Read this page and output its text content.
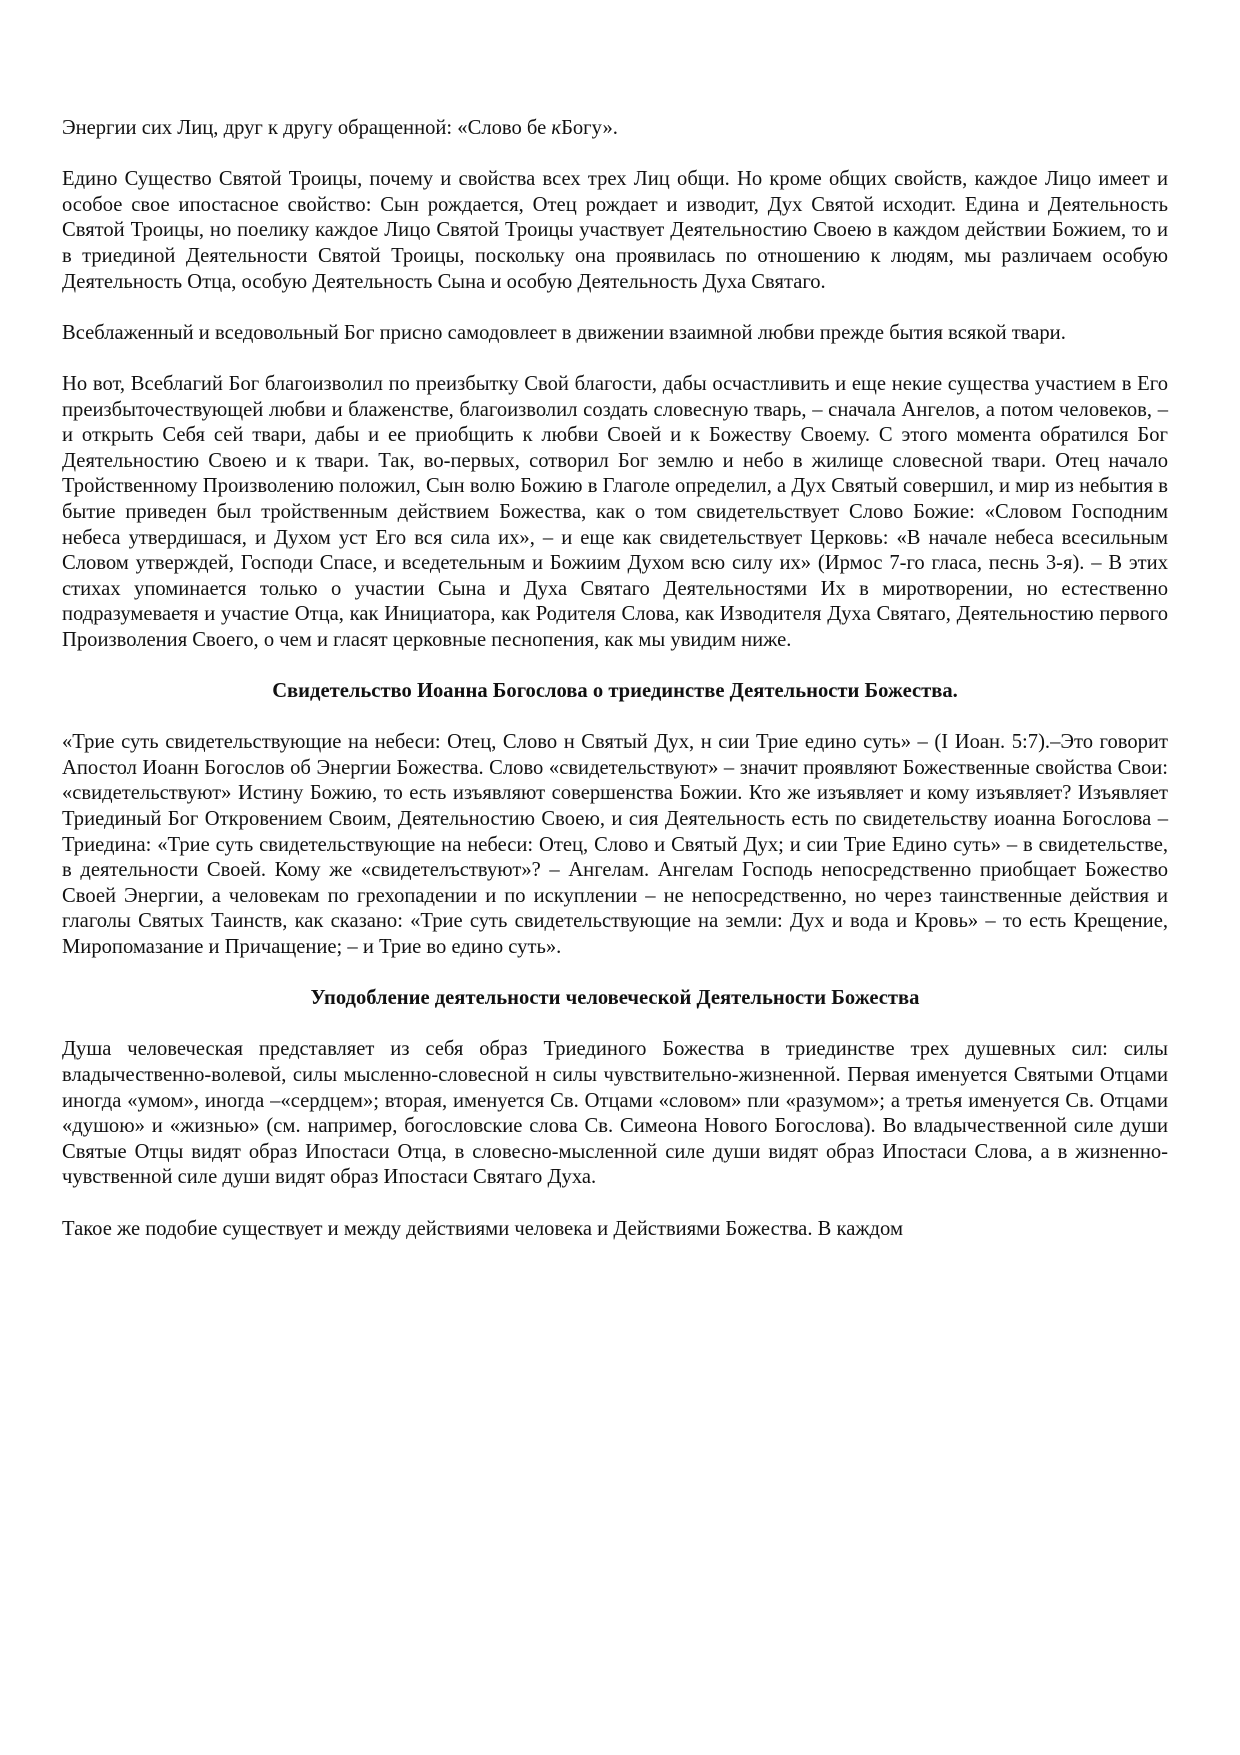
Энергии сих Лиц, друг к другу обращенной: «Слово бе кБогу».

Едино Существо Святой Троицы, почему и свойства всех трех Лиц общи. Но кроме общих свойств, каждое Лицо имеет и особое свое ипостасное свойство: Сын рождается, Отец рождает и изводит, Дух Святой исходит. Едина и Деятельность Святой Троицы, но поелику каждое Лицо Святой Троицы участвует Деятельностию Своею в каждом действии Божием, то и в триединой Деятельности Святой Троицы, поскольку она проявилась по отношению к людям, мы различаем особую Деятельность Отца, особую Деятельность Сына и особую Деятельность Духа Святаго.

Всеблаженный и вседовольный Бог присно самодовлеет в движении взаимной любви прежде бытия всякой твари.

Но вот, Всеблагий Бог благоизволил по преизбытку Свой благости, дабы осчастливить и еще некие существа участием в Его преизбыточествующей любви и блаженстве, благоизволил создать словесную тварь, – сначала Ангелов, а потом человеков, – и открыть Себя сей твари, дабы и ее приобщить к любви Своей и к Божеству Своему. С этого момента обратился Бог Деятельностию Своею и к твари. Так, во-первых, сотворил Бог землю и небо в жилище словесной твари. Отец начало Тройственному Произволению положил, Сын волю Божию в Глаголе определил, а Дух Святый совершил, и мир из небытия в бытие приведен был тройственным действием Божества, как о том свидетельствует Слово Божие: «Словом Господним небеса утвердишася, и Духом уст Его вся сила их», – и еще как свидетельствует Церковь: «В начале небеса всесильным Словом утверждей, Господи Спасе, и вседетельным и Божиим Духом всю силу их» (Ирмос 7-го гласа, песнь 3-я). – В этих стихах упоминается только о участии Сына и Духа Святаго Деятельностями Их в миротворении, но естественно подразумеваетя и участие Отца, как Инициатора, как Родителя Слова, как Изводителя Духа Святаго, Деятельностию первого Произволения Своего, о чем и гласят церковные песнопения, как мы увидим ниже.

Свидетельство Иоанна Богослова о триединстве Деятельности Божества.

«Трие суть свидетельствующие на небеси: Отец, Слово н Святый Дух, н сии Трие едино суть» – (I Иоан. 5:7).–Это говорит Апостол Иоанн Богослов об Энергии Божества. Слово «свидетельствуют» – значит проявляют Божественные свойства Свои: «свидетельствуют» Истину Божию, то есть изъявляют совершенства Божии. Кто же изъявляет и кому изъявляет? Изъявляет Триединый Бог Откровением Своим, Деятельностию Своею, и сия Деятельность есть по свидетельству иоанна Богослова – Триедина: «Трие суть свидетельствующие на небеси: Отец, Слово и Святый Дух; и сии Трие Едино суть» – в свидетельстве, в деятельности Своей. Кому же «свидетелъствуют»? – Ангелам. Ангелам Господь непосредственно приобщает Божество Своей Энергии, а человекам по грехопадении и по искуплении – не непосредственно, но через таинственные действия и глаголы Святых Таинств, как сказано: «Трие суть свидетельствующие на земли: Дух и вода и Кровь» – то есть Крещение, Миропомазание и Причащение; – и Трие во едино суть».

Уподобление деятельности человеческой Деятельности Божества

Душа человеческая представляет из себя образ Триединого Божества в триединстве трех душевных сил: силы владычественно-волевой, силы мысленно-словесной н силы чувствительно-жизненной. Первая именуется Святыми Отцами иногда «умом», иногда –«сердцем»; вторая, именуется Св. Отцами «словом» пли «разумом»; а третья именуется Св. Отцами «душою» и «жизнью» (см. например, богословские слова Св. Симеона Нового Богослова). Во владычественной силе души Святые Отцы видят образ Ипостаси Отца, в словесно-мысленной силе души видят образ Ипостаси Слова, а в жизненно-чувственной силе души видят образ Ипостаси Святаго Духа.

Такое же подобие существует и между действиями человека и Действиями Божества. В каждом
